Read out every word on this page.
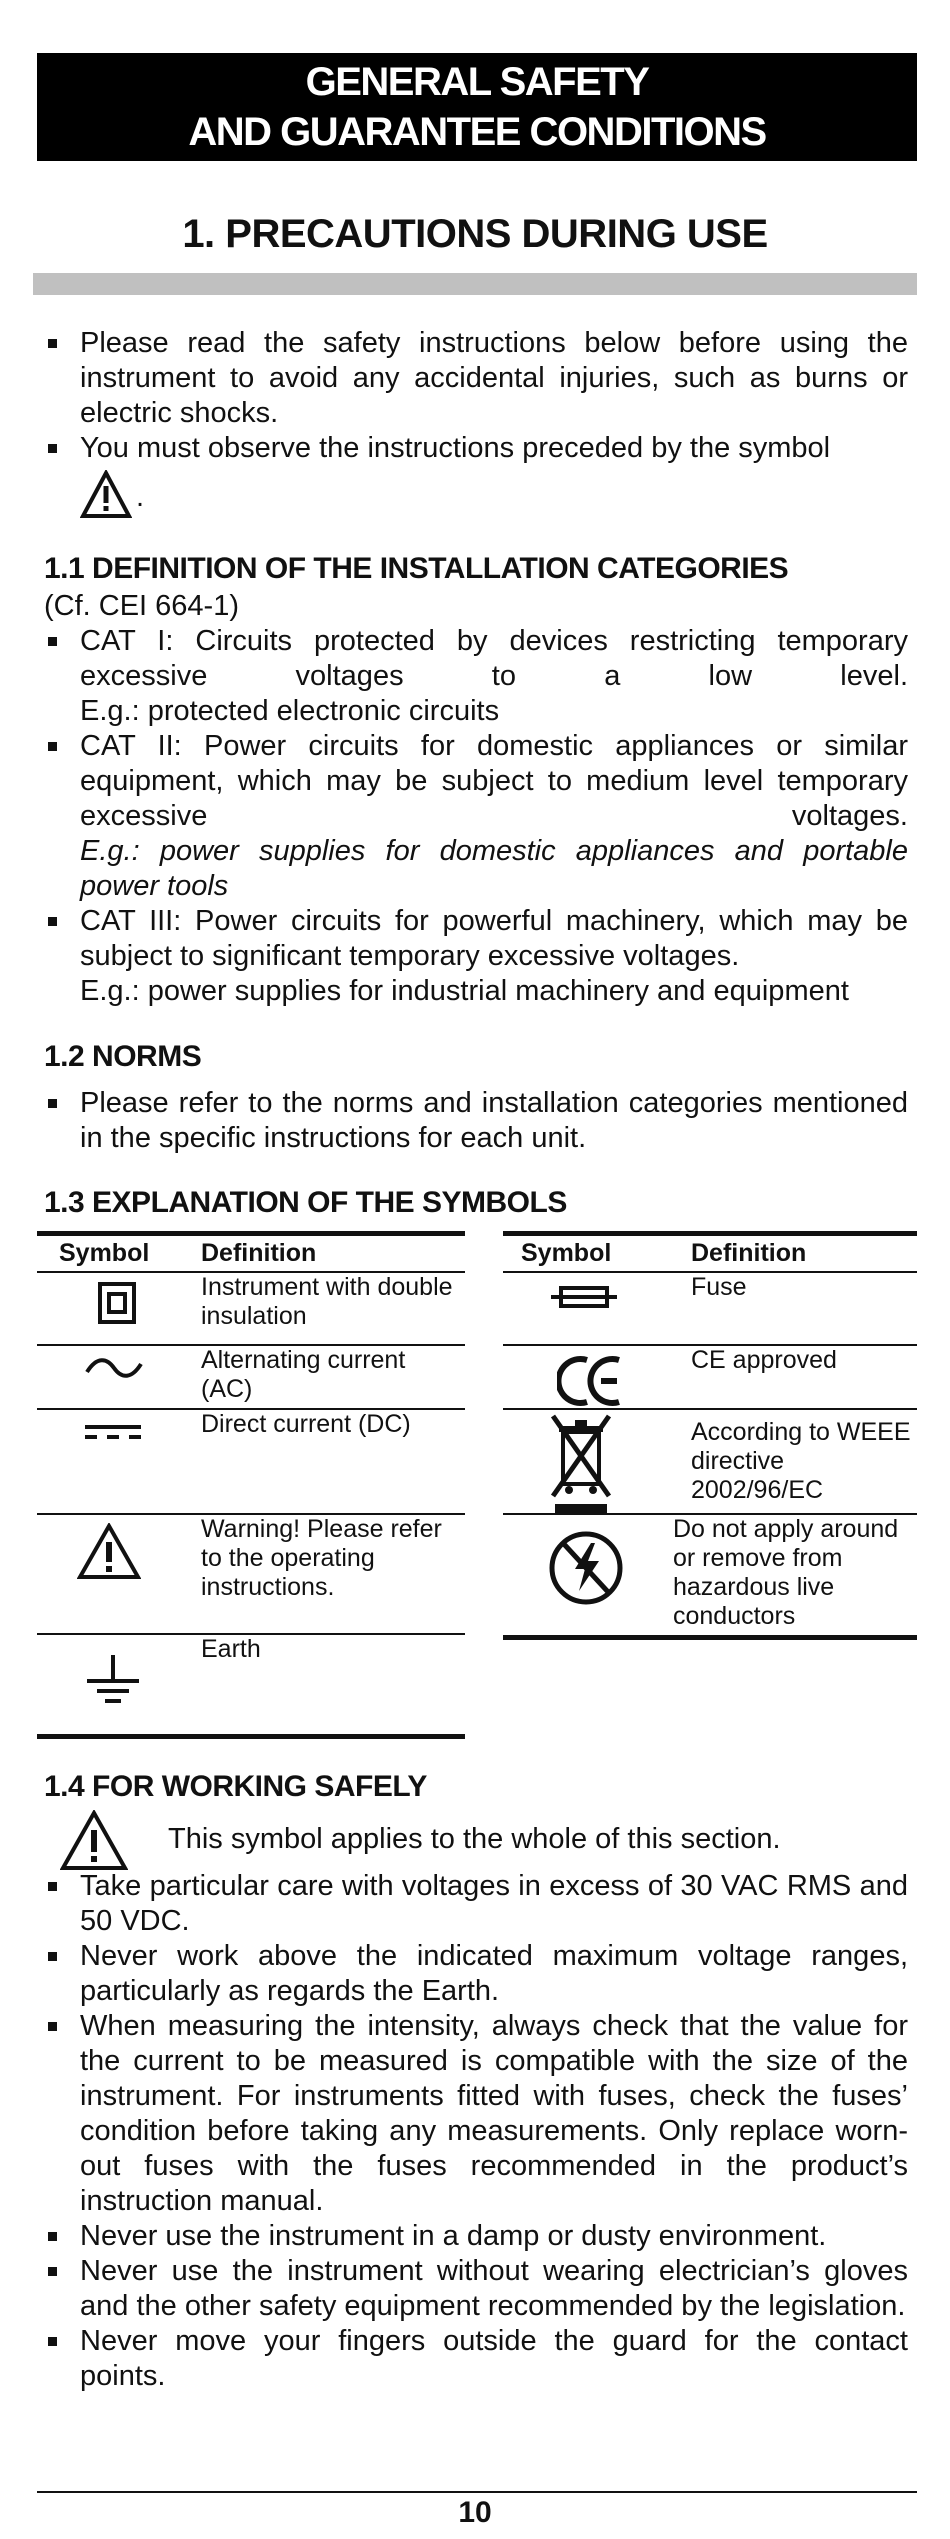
GENERAL SAFETY
AND GUARANTEE CONDITIONS
1. PRECAUTIONS DURING USE
Please read the safety instructions below before using the instrument to avoid any accidental injuries, such as burns or electric shocks.
You must observe the instructions preceded by the symbol
.
1.1 DEFINITION OF THE INSTALLATION CATEGORIES
(Cf. CEI 664-1)
CAT I: Circuits protected by devices restricting temporary excessive voltages to a low level.
E.g.: protected electronic circuits
CAT II: Power circuits for domestic appliances or similar equipment, which may be subject to medium level temporary excessive voltages.
E.g.: power supplies for domestic appliances and portable power tools
CAT III: Power circuits for powerful machinery, which may be subject to significant temporary excessive voltages.
E.g.: power supplies for industrial machinery and equipment
1.2 NORMS
Please refer to the norms and installation categories mentioned in the specific instructions for each unit.
1.3 EXPLANATION OF THE SYMBOLS
Symbol Definition
Instrument with double insulation
Alternating current (AC)
Direct current (DC)
Warning! Please refer to the operating instructions.
Earth
Symbol	Definition
Fuse
CE approved
According to WEEE directive 2002/96/EC
Do not apply around or remove from hazardous live conductors
1.4 FOR WORKING SAFELY
This symbol applies to the whole of this section.
Take particular care with voltages in excess of 30 VAC RMS and 50 VDC.
Never work above the indicated maximum voltage ranges, particularly as regards the Earth.
When measuring the intensity, always check that the value for the current to be measured is compatible with the size of the instrument. For instruments fitted with fuses, check the fuses’ condition before taking any measurements. Only replace worn-out fuses with the fuses recommended in the product’s instruction manual.
Never use the instrument in a damp or dusty environment.
Never use the instrument without wearing electrician’s gloves and the other safety equipment recommended by the legislation.
Never move your fingers outside the guard for the contact points.
10
